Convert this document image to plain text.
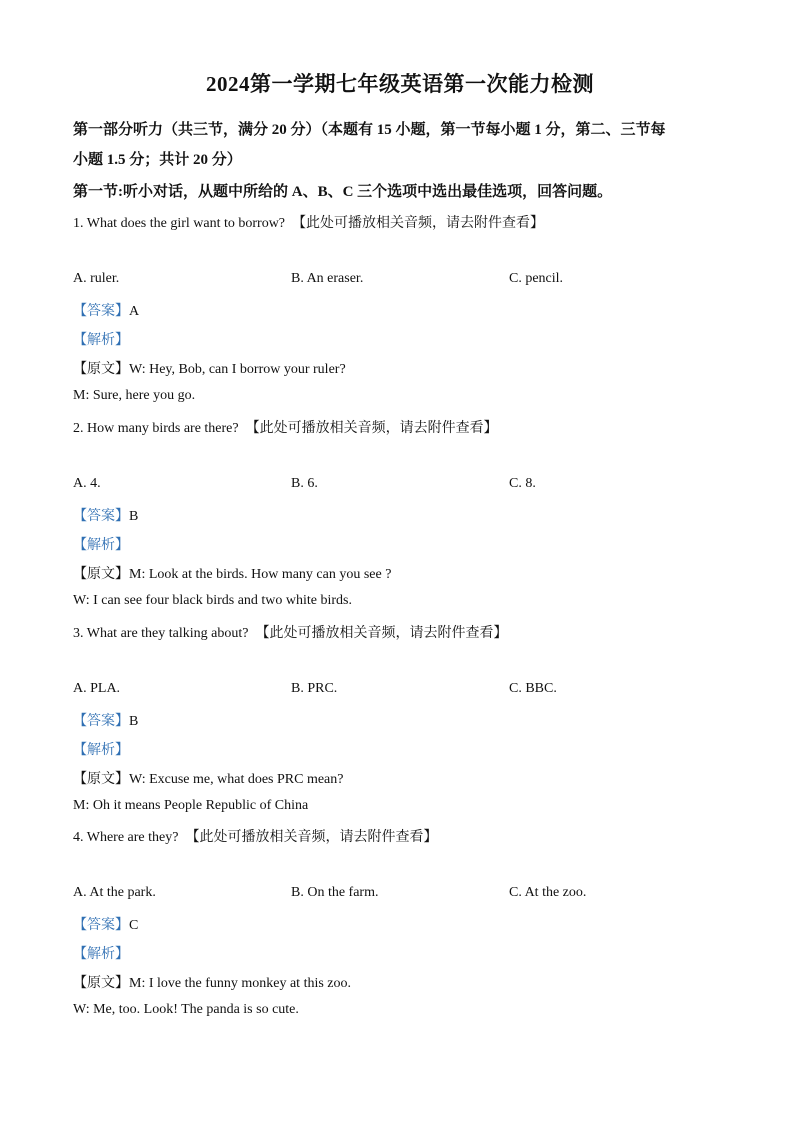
2024第一学期七年级英语第一次能力检测
第一部分听力（共三节，满分 20 分）（本题有 15 小题，第一节每小题 1 分，第二、三节每
小题 1.5 分；共计 20 分）
第一节:听小对话，从题中所给的 A、B、C 三个选项中选出最佳选项，回答问题。
1. What does the girl want to borrow? 【此处可播放相关音频，请去附件查看】
A. ruler.	B. An eraser.	C. pencil.
【答案】A
【解析】
【原文】W: Hey, Bob, can I borrow your ruler?
M: Sure, here you go.
2. How many birds are there? 【此处可播放相关音频，请去附件查看】
A. 4.	B. 6.	C. 8.
【答案】B
【解析】
【原文】M: Look at the birds. How many can you see ?
W: I can see four black birds and two white birds.
3. What are they talking about? 【此处可播放相关音频，请去附件查看】
A. PLA.	B. PRC.	C. BBC.
【答案】B
【解析】
【原文】W: Excuse me, what does PRC mean?
M: Oh it means People Republic of China
4. Where are they? 【此处可播放相关音频，请去附件查看】
A. At the park.	B. On the farm.	C. At the zoo.
【答案】C
【解析】
【原文】M: I love the funny monkey at this zoo.
W: Me, too. Look! The panda is so cute.
